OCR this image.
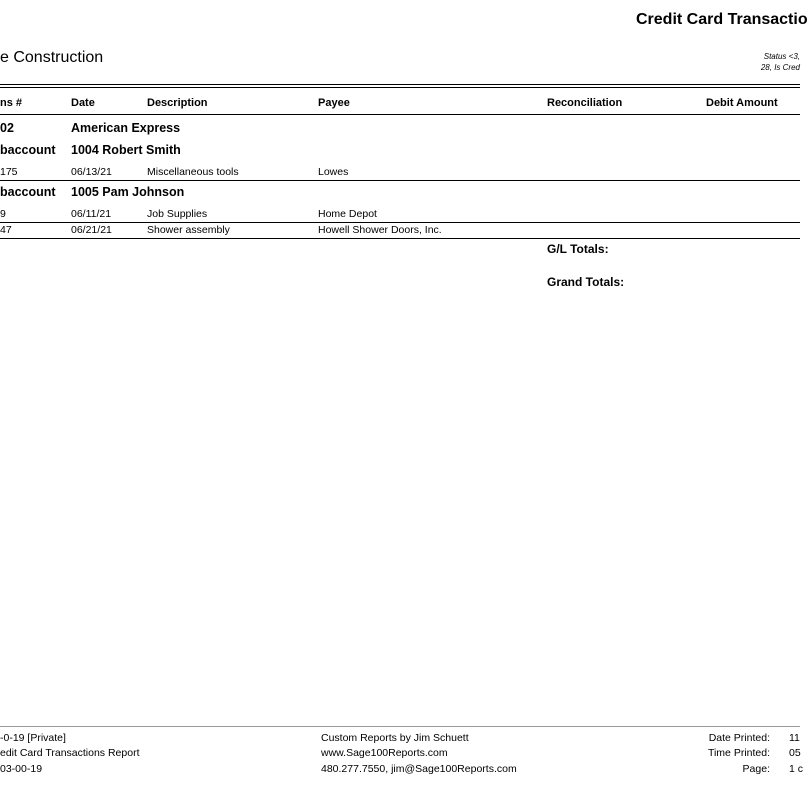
Credit Card Transactio
e Construction	Status <3,
28, Is Cred
ns #	Date	Description	Payee	Reconciliation	Debit Amount
02	American Express
baccount 1004 Robert Smith
175	06/13/21	Miscellaneous tools	Lowes
baccount 1005 Pam Johnson
9	06/11/21	Job Supplies	Home Depot
47	06/21/21	Shower assembly	Howell Shower Doors, Inc.
G/L Totals:
Grand Totals:
-0-19 [Private]
edit Card Transactions Report
03-00-19
Custom Reports by Jim Schuett
www.Sage100Reports.com
480.277.7550, jim@Sage100Reports.com
Date Printed:
Time Printed:
Page:
11
05
1 c
